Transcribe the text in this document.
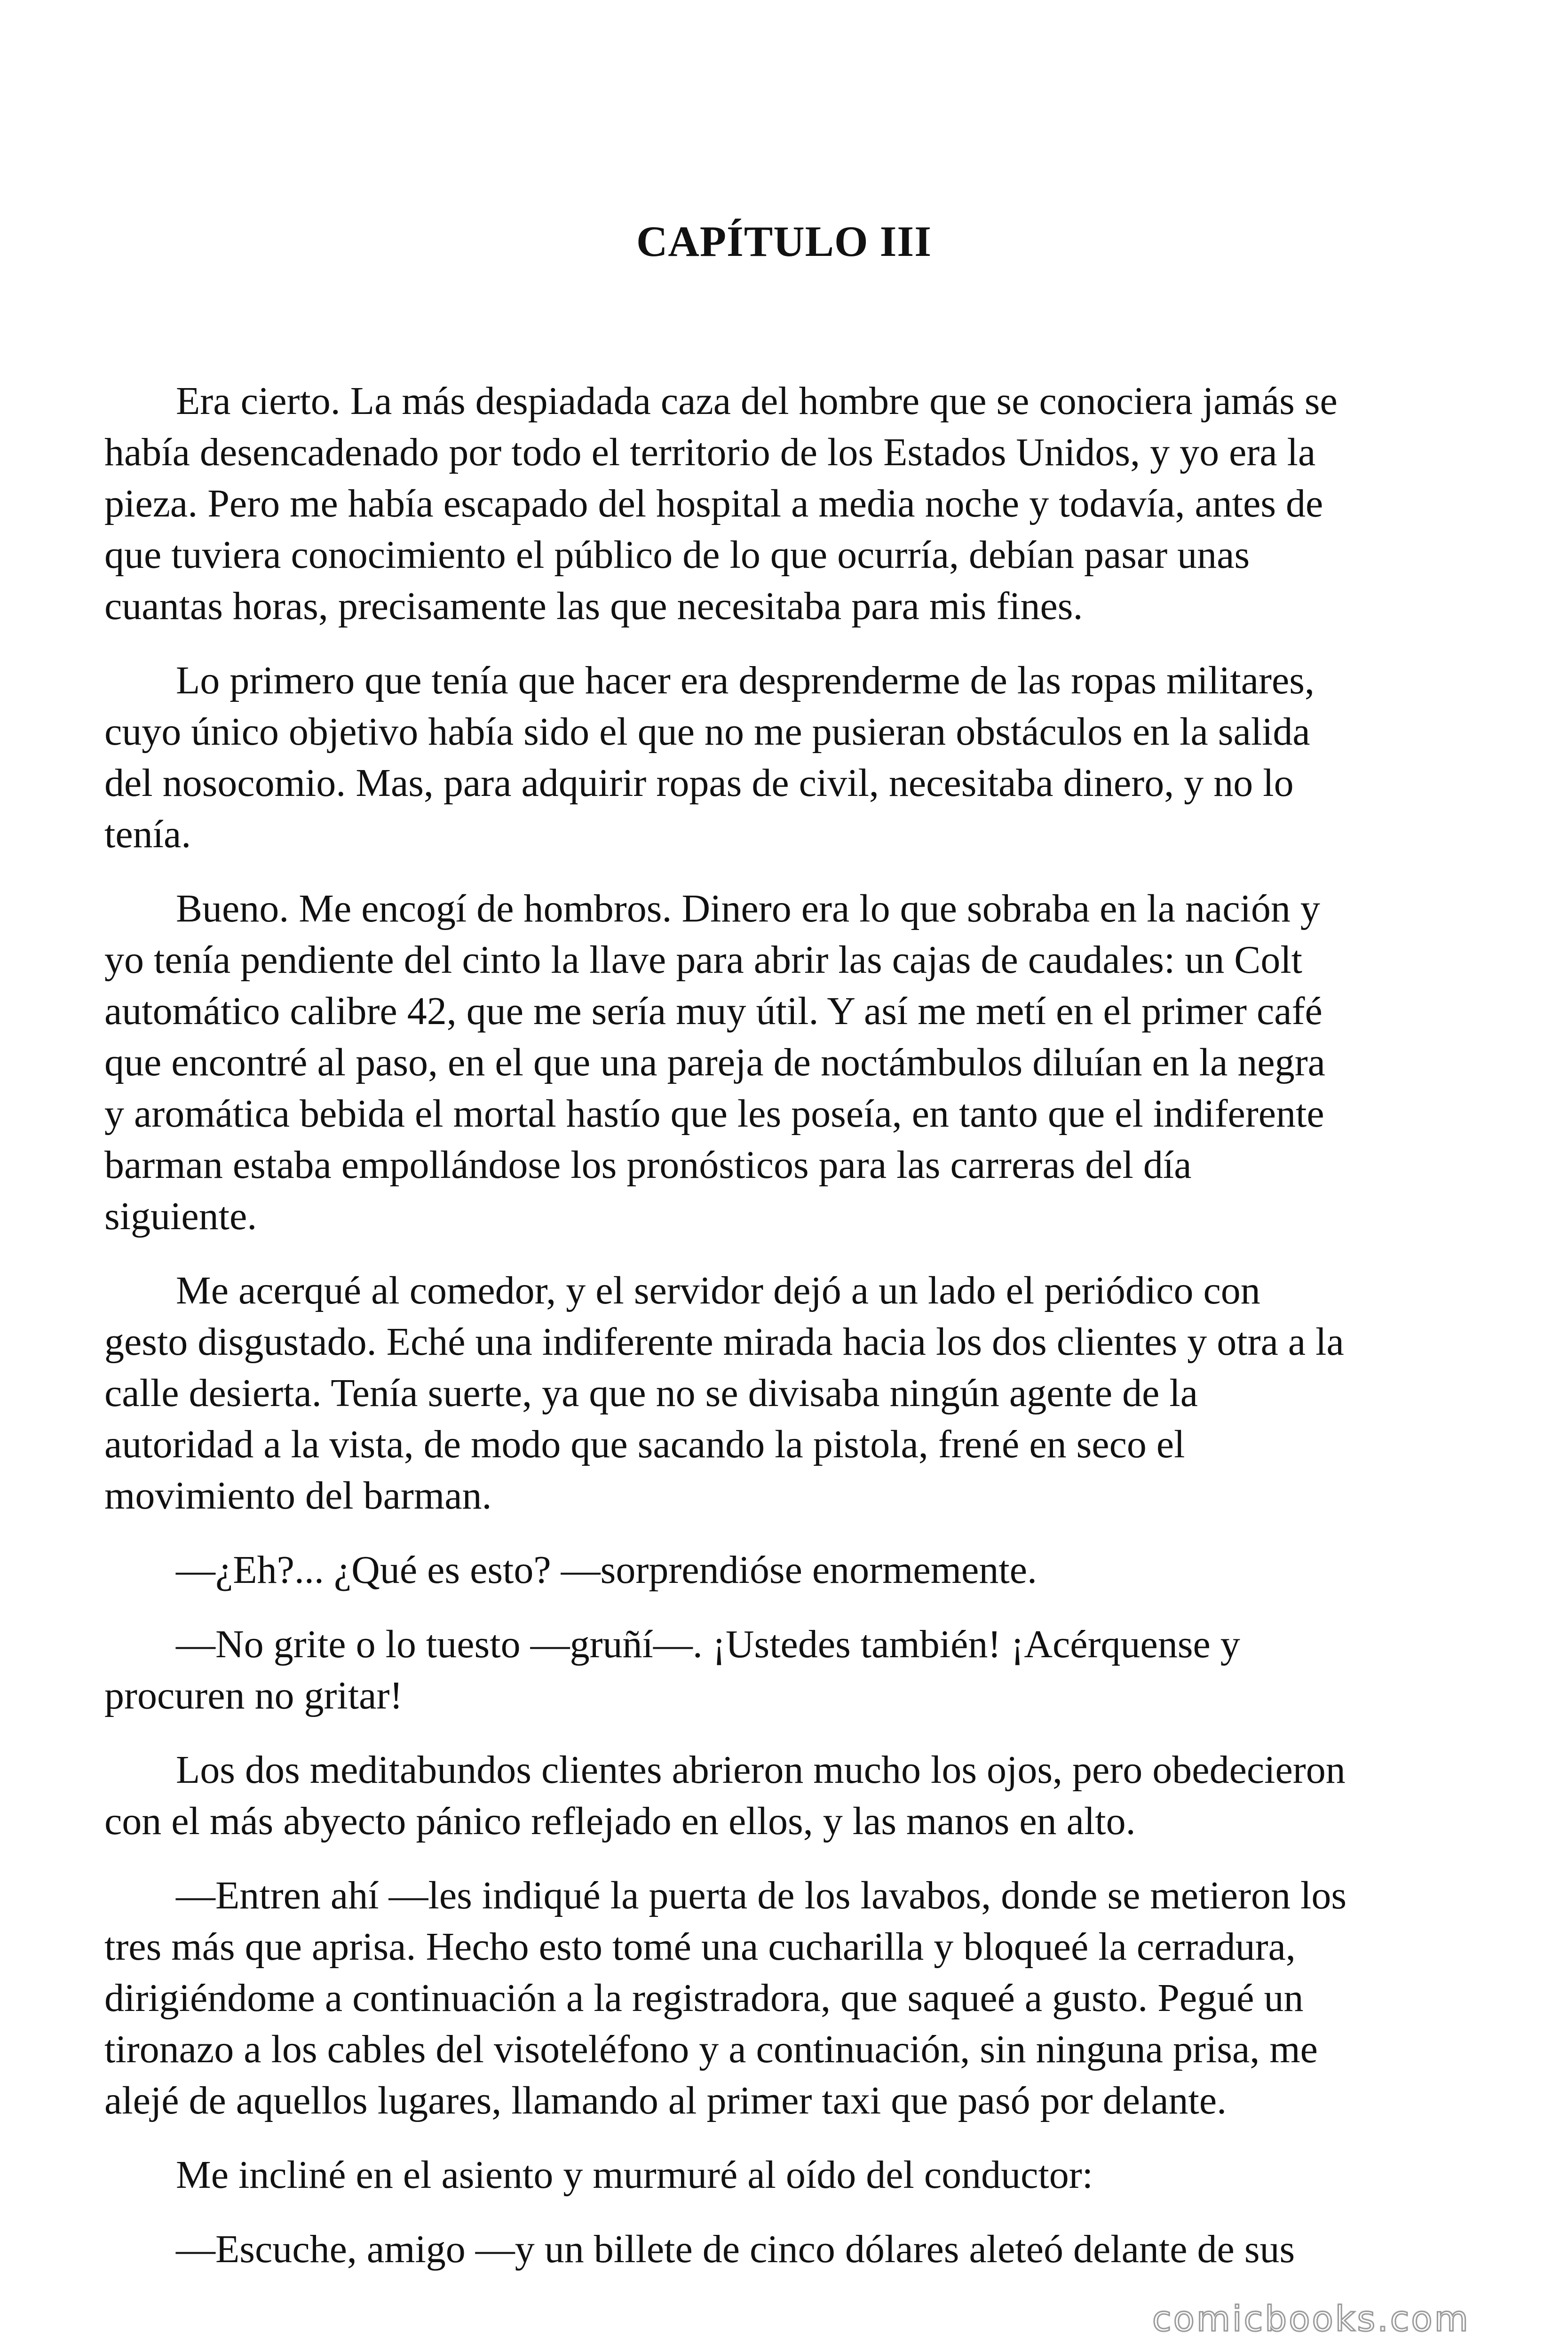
CAPÍTULO III

Era cierto. La más despiadada caza del hombre que se conociera jamás se
había desencadenado por todo el territorio de los Estados Unidos, y yo era la
pieza. Pero me había escapado del hospital a media noche y todavía, antes de
que tuviera conocimiento el público de lo que ocurría, debían pasar unas
cuantas horas, precisamente las que necesitaba para mis fines.

Lo primero que tenía que hacer era desprenderme de las ropas militares,
cuyo único objetivo había sido el que no me pusieran obstáculos en la salida
del nosocomio. Mas, para adquirir ropas de civil, necesitaba dinero, y no lo
tenía.

Bueno. Me encogí de hombros. Dinero era lo que sobraba en la nación y
yo tenía pendiente del cinto la llave para abrir las cajas de caudales: un Colt
automático calibre 42, que me sería muy útil. Y así me metí en el primer café
que encontré al paso, en el que una pareja de noctámbulos diluían en la negra
y aromática bebida el mortal hastío que les poseía, en tanto que el indiferente
barman estaba empollándose los pronósticos para las carreras del día
siguiente.

Me acerqué al comedor, y el servidor dejó a un lado el periódico con
gesto disgustado. Eché una indiferente mirada hacia los dos clientes y otra a la
calle desierta. Tenía suerte, ya que no se divisaba ningún agente de la
autoridad a la vista, de modo que sacando la pistola, frené en seco el
movimiento del barman.

—¿Eh?... ¿Qué es esto? —sorprendióse enormemente.

—No grite o lo tuesto —gruñí—. ¡Ustedes también! ¡Acérquense y
procuren no gritar!

Los dos meditabundos clientes abrieron mucho los ojos, pero obedecieron
con el más abyecto pánico reflejado en ellos, y las manos en alto.

—Entren ahí —les indiqué la puerta de los lavabos, donde se metieron los
tres más que aprisa. Hecho esto tomé una cucharilla y bloqueé la cerradura,
dirigiéndome a continuación a la registradora, que saqueé a gusto. Pegué un
tironazo a los cables del visoteléfono y a continuación, sin ninguna prisa, me
alejé de aquellos lugares, llamando al primer taxi que pasó por delante.

Me incliné en el asiento y murmuré al oído del conductor:

—Escuche, amigo —y un billete de cinco dólares aleteó delante de sus

comicbooks.com
